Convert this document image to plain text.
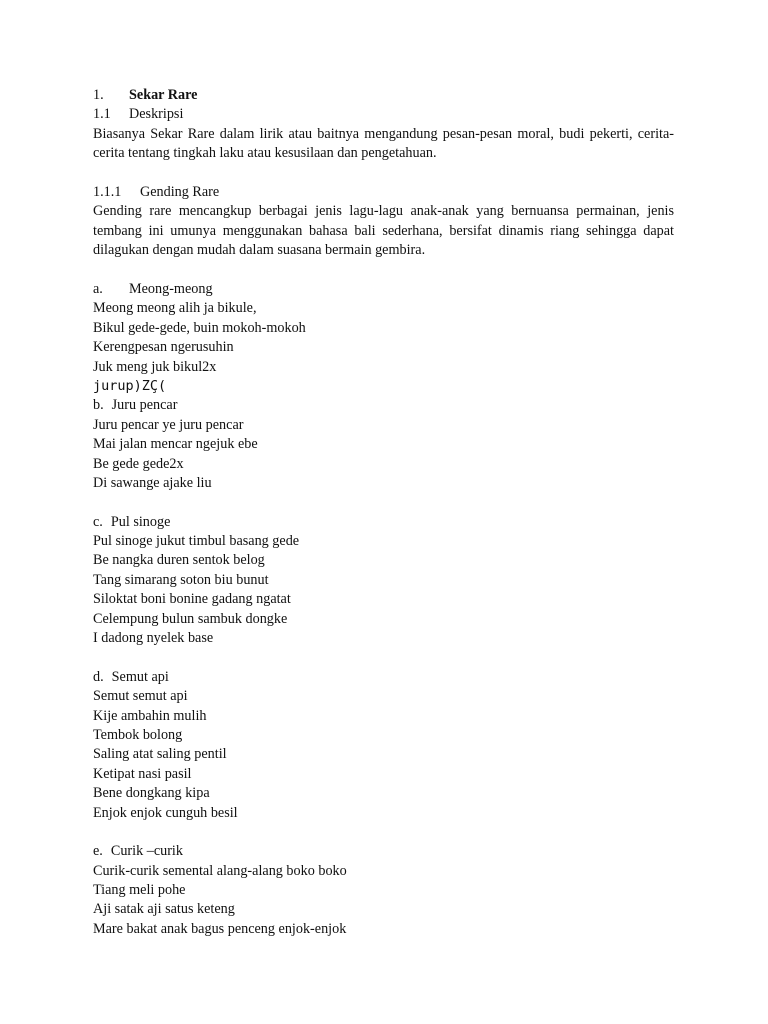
1. Sekar Rare
1.1 Deskripsi
Biasanya Sekar Rare dalam lirik atau baitnya mengandung pesan-pesan moral, budi pekerti, cerita-cerita tentang tingkah laku atau kesusilaan dan pengetahuan.
1.1.1 Gending Rare
Gending rare mencangkup berbagai jenis lagu-lagu anak-anak yang bernuansa permainan, jenis tembang ini umunya menggunakan bahasa bali sederhana, bersifat dinamis riang sehingga dapat dilagukan dengan mudah dalam suasana bermain gembira.
a. Meong-meong
Meong meong alih ja bikule,
Bikul gede-gede, buin mokoh-mokoh
Kerengpesan ngerusuhin
Juk meng juk bikul2x
jurup)ZÇ(
b. Juru pencar
Juru pencar ye juru pencar
Mai jalan mencar ngejuk ebe
Be gede gede2x
Di sawange ajake liu
c. Pul sinoge
Pul sinoge jukut timbul basang gede
Be nangka duren sentok belog
Tang simarang soton biu bunut
Siloktat boni bonine gadang ngatat
Celempung bulun sambuk dongke
I dadong nyelek base
d. Semut api
Semut semut api
Kije ambahin mulih
Tembok bolong
Saling atat saling pentil
Ketipat nasi pasil
Bene dongkang kipa
Enjok enjok cunguh besil
e. Curik –curik
Curik-curik semental alang-alang boko boko
Tiang meli pohe
Aji satak aji satus keteng
Mare bakat anak bagus penceng enjok-enjok
